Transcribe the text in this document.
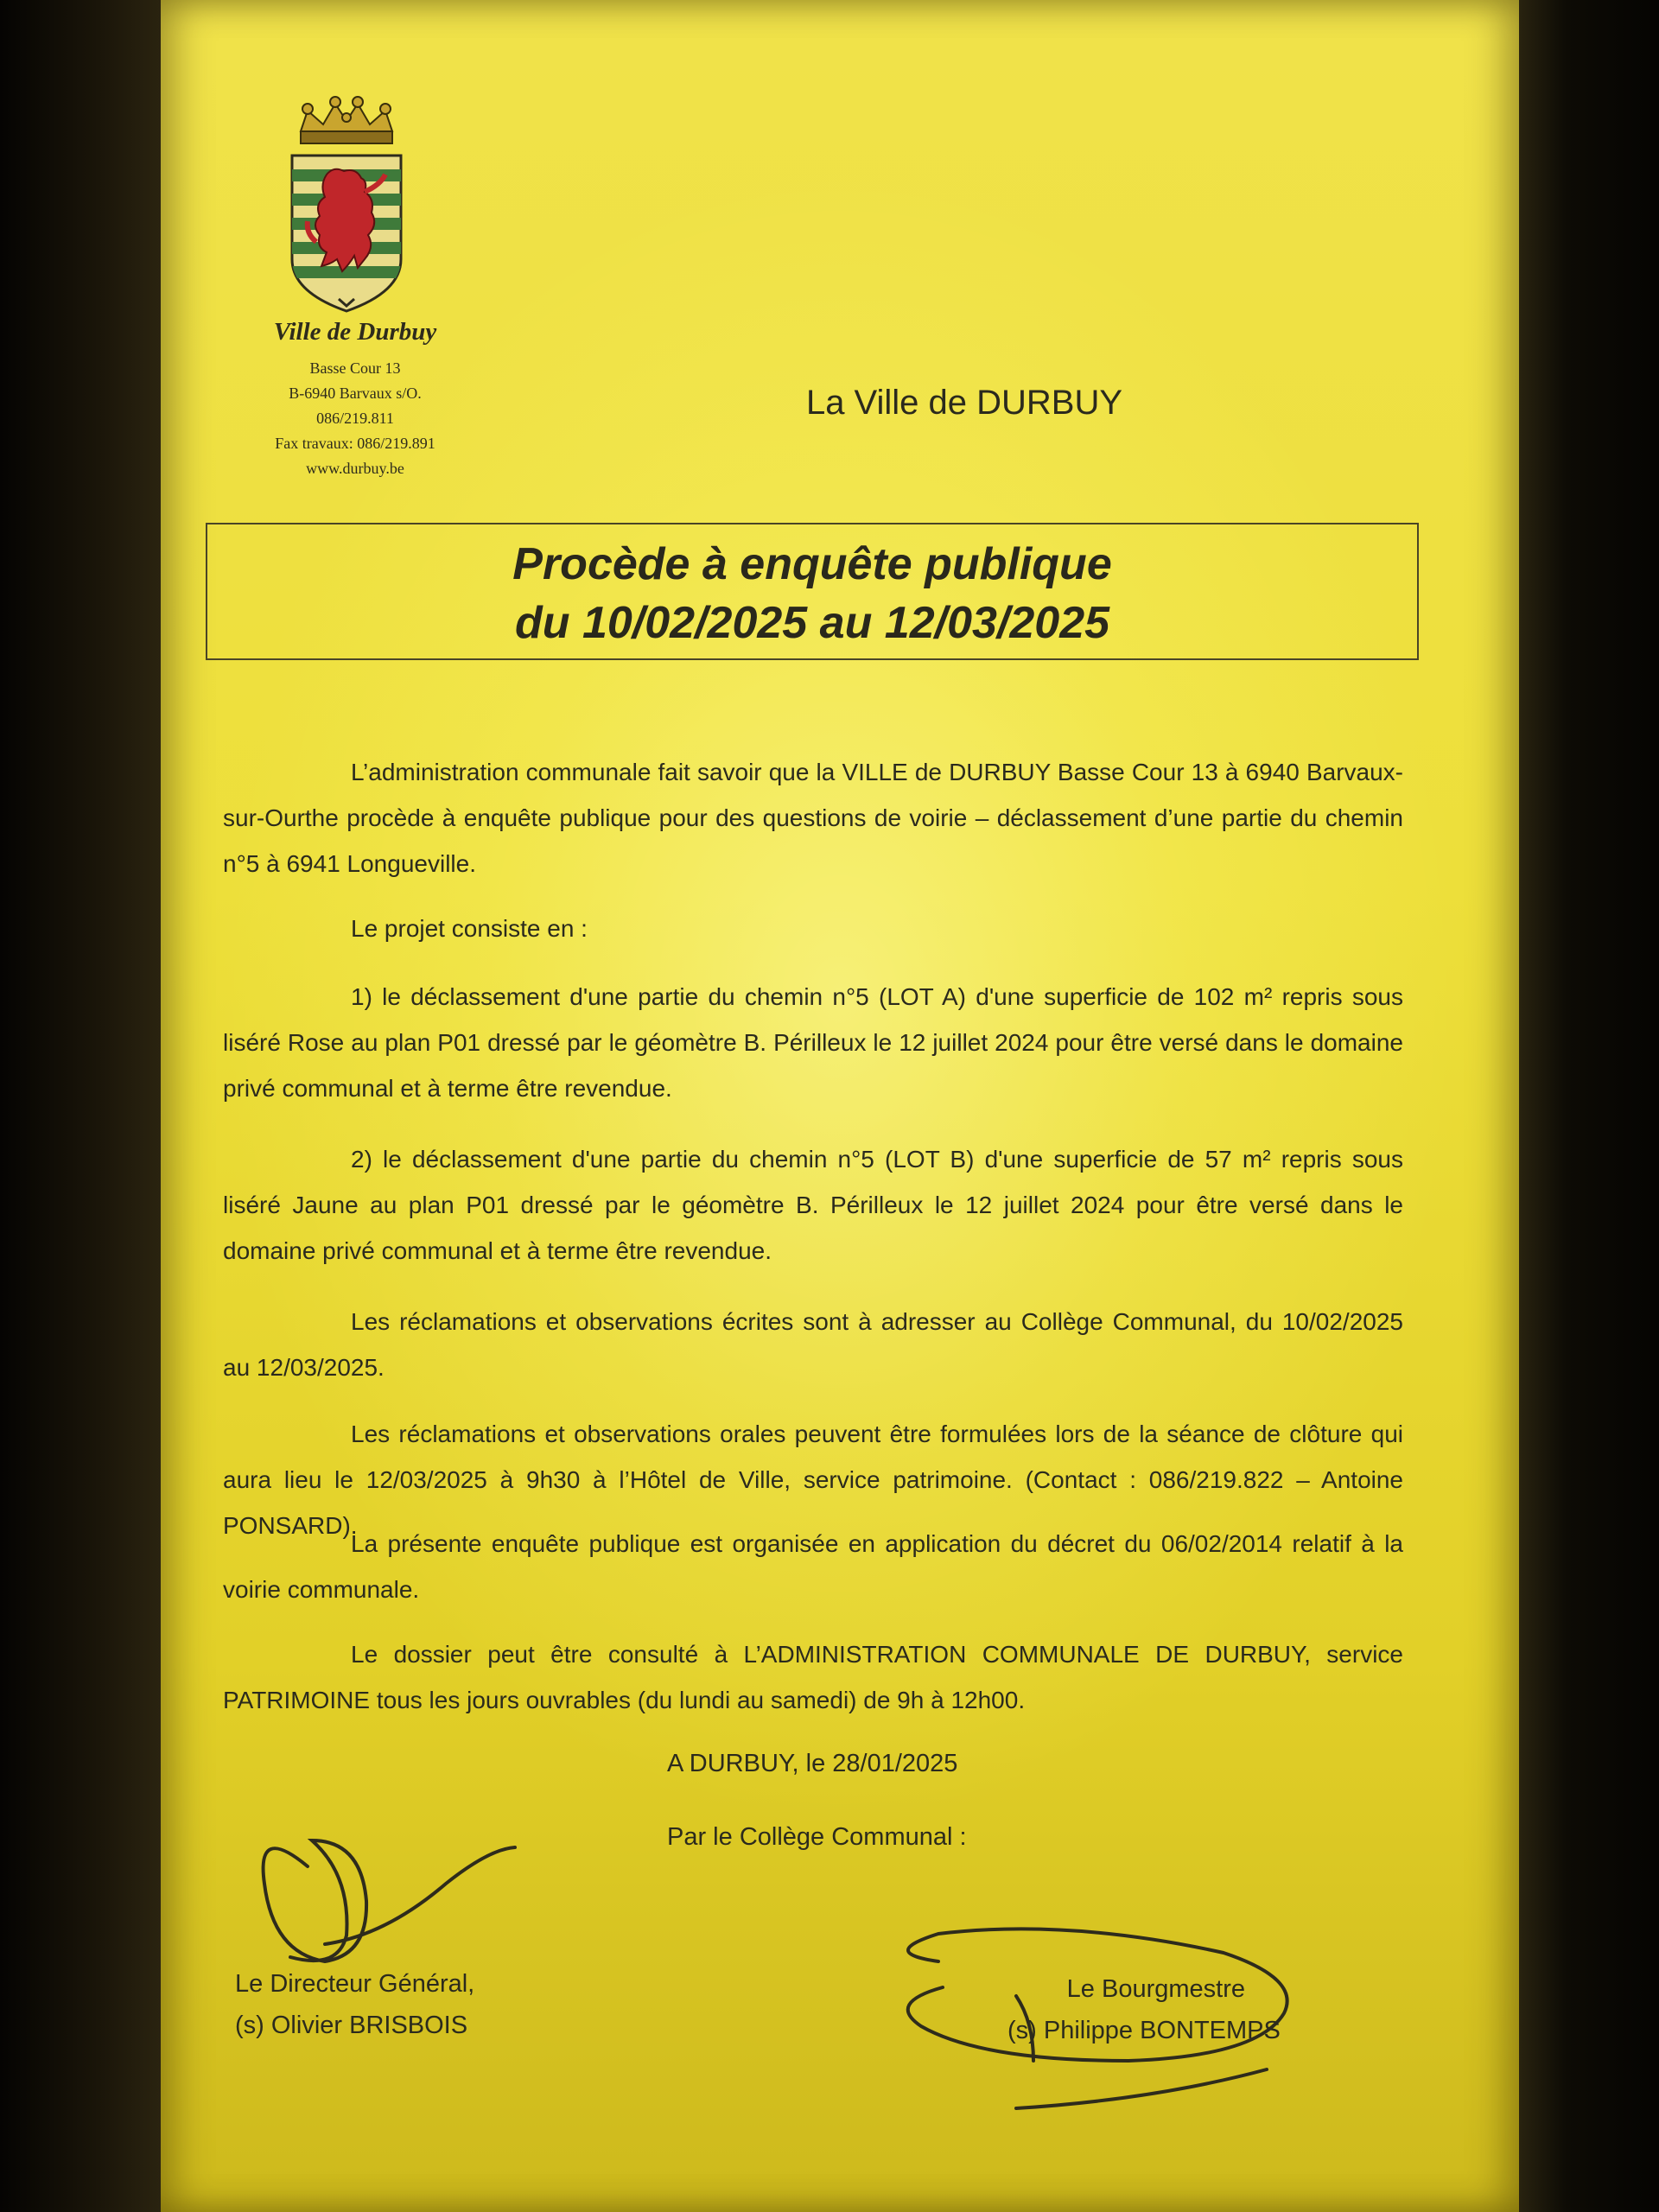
Ville de Durbuy
Basse Cour 13
B-6940 Barvaux s/O.
086/219.811
Fax travaux: 086/219.891
www.durbuy.be
La Ville de DURBUY
Procède à enquête publique
du 10/02/2025 au 12/03/2025
L’administration communale fait savoir que la VILLE de DURBUY Basse Cour 13 à 6940 Barvaux-sur-Ourthe procède à enquête publique pour des questions de voirie – déclassement d’une partie du chemin n°5 à 6941 Longueville.
Le projet consiste en :
1) le déclassement d'une partie du chemin n°5 (LOT A) d'une superficie de 102 m² repris sous liséré Rose au plan P01 dressé par le géomètre B. Périlleux le 12 juillet 2024 pour être versé dans le domaine privé communal et à terme être revendue.
2) le déclassement d'une partie du chemin n°5 (LOT B) d'une superficie de 57 m² repris sous liséré Jaune au plan P01 dressé par le géomètre B. Périlleux le 12 juillet 2024 pour être versé dans le domaine privé communal et à terme être revendue.
Les réclamations et observations écrites sont à adresser au Collège Communal, du 10/02/2025 au 12/03/2025.
Les réclamations et observations orales peuvent être formulées lors de la séance de clôture qui aura lieu le 12/03/2025 à 9h30 à l’Hôtel de Ville, service patrimoine. (Contact : 086/219.822 – Antoine PONSARD).
La présente enquête publique est organisée en application du décret du 06/02/2014 relatif à la voirie communale.
Le dossier peut être consulté à L’ADMINISTRATION COMMUNALE DE DURBUY, service PATRIMOINE tous les jours ouvrables (du lundi au samedi) de 9h à 12h00.
A DURBUY, le 28/01/2025
Par le Collège Communal :
Le Directeur Général,
(s) Olivier BRISBOIS
Le Bourgmestre
(s) Philippe BONTEMPS
